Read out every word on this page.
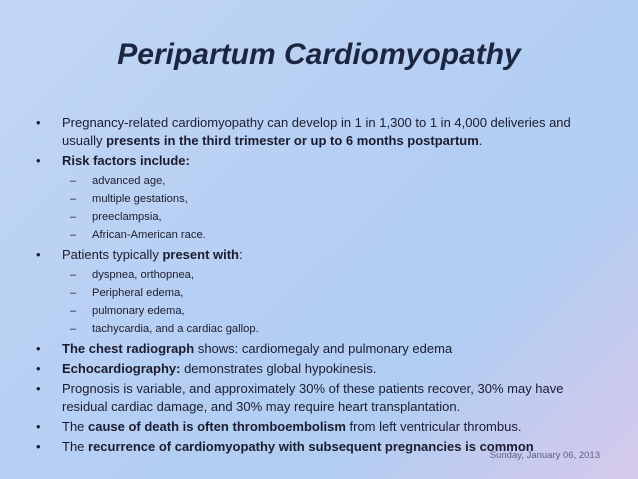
Peripartum Cardiomyopathy
• Pregnancy-related cardiomyopathy can develop in 1 in 1,300 to 1 in 4,000 deliveries and usually presents in the third trimester or up to 6 months postpartum.
• Risk factors include:
– advanced age,
– multiple gestations,
– preeclampsia,
– African-American race.
• Patients typically present with:
– dyspnea, orthopnea,
– Peripheral edema,
– pulmonary edema,
– tachycardia, and a cardiac gallop.
• The chest radiograph shows: cardiomegaly and pulmonary edema
• Echocardiography: demonstrates global hypokinesis.
• Prognosis is variable, and approximately 30% of these patients recover, 30% may have residual cardiac damage, and 30% may require heart transplantation.
• The cause of death is often thromboembolism from left ventricular thrombus.
• The recurrence of cardiomyopathy with subsequent pregnancies is common
Sunday, January 06, 2013
